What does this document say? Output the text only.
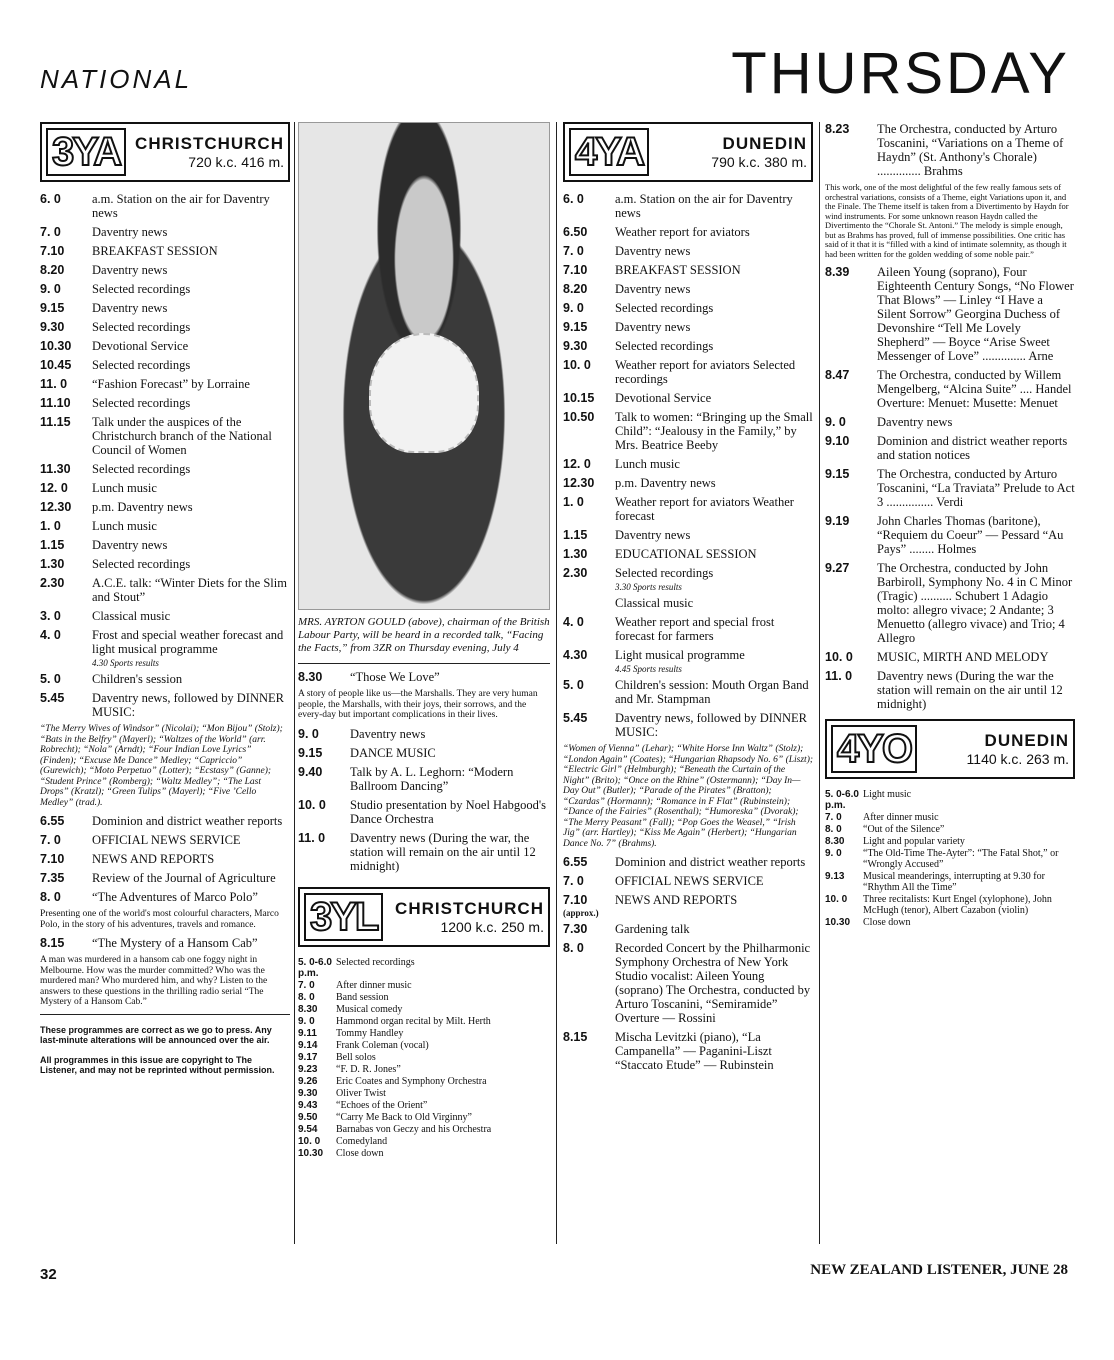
NATIONAL	THURSDAY
3YA CHRISTCHURCH
720 k.c. 416 m.
6. 0	a.m. Station on the air for Daventry news
7. 0	Daventry news
7.10	BREAKFAST SESSION
8.20	Daventry news
9. 0	Selected recordings
9.15	Daventry news
9.30	Selected recordings
10.30	Devotional Service
10.45	Selected recordings
11. 0	“Fashion Forecast” by Lorraine
11.10	Selected recordings
11.15	Talk under the auspices of the Christchurch branch of the National Council of Women
11.30	Selected recordings
12. 0	Lunch music
12.30	p.m. Daventry news
1. 0	Lunch music
1.15	Daventry news
1.30	Selected recordings
2.30	A.C.E. talk: “Winter Diets for the Slim and Stout”
3. 0	Classical music
4. 0	Frost and special weather forecast and light musical programme
4.30 Sports results
5. 0	Children's session
5.45	Daventry news, followed by DINNER MUSIC:
“The Merry Wives of Windsor” (Nicolai); “Mon Bijou” (Stolz); “Bats in the Belfry” (Mayerl); “Waltzes of the World” (arr. Robrecht); “Nola” (Arndt); “Four Indian Love Lyrics” (Finden); “Excuse Me Dance” Medley; “Capriccio” (Gurewich); “Moto Perpetuo” (Lotter); “Ecstasy” (Ganne); “Student Prince” (Romberg); “Waltz Medley”; “The Last Drops” (Kratzl); “Green Tulips” (Mayerl); “Five ’Cello Medley” (trad.).
6.55	Dominion and district weather reports
7. 0	OFFICIAL NEWS SERVICE
7.10	NEWS AND REPORTS
7.35	Review of the Journal of Agriculture
8. 0	“The Adventures of Marco Polo”
Presenting one of the world's most colourful characters, Marco Polo, in the story of his adventures, travels and romance.
8.15	“The Mystery of a Hansom Cab”
A man was murdered in a hansom cab one foggy night in Melbourne. How was the murder committed? Who was the murdered man? Who murdered him, and why? Listen to the answers to these questions in the thrilling radio serial “The Mystery of a Hansom Cab.”
These programmes are correct as we go to press. Any last-minute alterations will be announced over the air.
All programmes in this issue are copyright to The Listener, and may not be reprinted without permission.
MRS. AYRTON GOULD (above), chairman of the British Labour Party, will be heard in a recorded talk, “Facing the Facts,” from 3ZR on Thursday evening, July 4
8.30	“Those We Love”
A story of people like us—the Marshalls. They are very human people, the Marshalls, with their joys, their sorrows, and the every-day but important complications in their lives.
9. 0	Daventry news
9.15	DANCE MUSIC
9.40	Talk by A. L. Leghorn: “Modern Ballroom Dancing”
10. 0	Studio presentation by Noel Habgood's Dance Orchestra
11. 0	Daventry news (During the war, the station will remain on the air until 12 midnight)
3YL	CHRISTCHURCH
1200 k.c. 250 m.
5. 0-6.0 p.m.
Selected recordings
7. 0	After dinner music
8. 0	Band session
8.30	Musical comedy
9. 0	Hammond organ recital by Milt. Herth
9.11	Tommy Handley
9.14	Frank Coleman (vocal)
9.17	Bell solos
9.23	“F. D. R. Jones”
9.26	Eric Coates and Symphony Orchestra
9.30	Oliver Twist
9.43	“Echoes of the Orient”
9.50	“Carry Me Back to Old Virginny”
9.54	Barnabas von Geczy and his Orchestra
10. 0	Comedyland
10.30	Close down
4YA	DUNEDIN
790 k.c. 380 m.
6. 0	a.m. Station on the air for Daventry news
6.50	Weather report for aviators
7. 0	Daventry news
7.10	BREAKFAST SESSION
8.20	Daventry news
9. 0	Selected recordings
9.15	Daventry news
9.30	Selected recordings
10. 0	Weather report for aviators Selected recordings
10.15	Devotional Service
10.50	Talk to women: “Bringing up the Small Child”: “Jealousy in the Family,” by Mrs. Beatrice Beeby
12. 0	Lunch music
12.30	p.m. Daventry news
1. 0	Weather report for aviators Weather forecast
1.15	Daventry news
1.30	EDUCATIONAL SESSION
2.30	Selected recordings
3.30 Sports results
Classical music
4. 0	Weather report and special frost forecast for farmers
4.30	Light musical programme
4.45 Sports results
5. 0	Children's session: Mouth Organ Band and Mr. Stampman
5.45	Daventry news, followed by DINNER MUSIC:
“Women of Vienna” (Lehar); “White Horse Inn Waltz” (Stolz); “London Again” (Coates); “Hungarian Rhapsody No. 6” (Liszt); “Electric Girl” (Helmburgh); “Beneath the Curtain of the Night” (Brito); “Once on the Rhine” (Ostermann); “Day In—Day Out” (Butler); “Parade of the Pirates” (Bratton); “Czardas” (Hormann); “Romance in F Flat” (Rubinstein); “Dance of the Fairies” (Rosenthal); “Humoreska” (Dvorak); “The Merry Peasant” (Fall); “Pop Goes the Weasel,” “Irish Jig” (arr. Hartley); “Kiss Me Again” (Herbert); “Hungarian Dance No. 7” (Brahms).
6.55	Dominion and district weather reports
7. 0	OFFICIAL NEWS SERVICE
7.10	NEWS AND REPORTS
(approx.)
7.30	Gardening talk
8. 0	Recorded Concert by the Philharmonic Symphony Orchestra of New York Studio vocalist: Aileen Young (soprano) The Orchestra, conducted by Arturo Toscanini, “Semiramide” Overture — Rossini
8.15	Mischa Levitzki (piano), “La Campanella” — Paganini-Liszt “Staccato Etude” — Rubinstein
8.23	The Orchestra, conducted by Arturo Toscanini, “Variations on a Theme of Haydn” (St. Anthony's Chorale) .............. Brahms
This work, one of the most delightful of the few really famous sets of orchestral variations, consists of a Theme, eight Variations upon it, and the Finale. The Theme itself is taken from a Divertimento by Haydn for wind instruments. For some unknown reason Haydn called the Divertimento the “Chorale St. Antoni.” The melody is simple enough, but as Brahms has proved, full of immense possibilities. One critic has said of it that it is “filled with a kind of intimate solemnity, as though it had been written for the golden wedding of some noble pair.”
8.39	Aileen Young (soprano), Four Eighteenth Century Songs, “No Flower That Blows” — Linley “I Have a Silent Sorrow” Georgina Duchess of Devonshire “Tell Me Lovely Shepherd” — Boyce “Arise Sweet Messenger of Love” .............. Arne
8.47	The Orchestra, conducted by Willem Mengelberg, “Alcina Suite” .... Handel Overture: Menuet: Musette: Menuet
9. 0	Daventry news
9.10	Dominion and district weather reports and station notices
9.15	The Orchestra, conducted by Arturo Toscanini, “La Traviata” Prelude to Act 3 ............... Verdi
9.19	John Charles Thomas (baritone), “Requiem du Coeur” — Pessard “Au Pays” ........ Holmes
9.27	The Orchestra, conducted by John Barbiroll, Symphony No. 4 in C Minor (Tragic) .......... Schubert 1 Adagio molto: allegro vivace; 2 Andante; 3 Menuetto (allegro vivace) and Trio; 4 Allegro
10. 0	MUSIC, MIRTH AND MELODY
11. 0	Daventry news (During the war the station will remain on the air until 12 midnight)
4YO	DUNEDIN
1140 k.c. 263 m.
5. 0-6.0 p.m.
Light music
7. 0	After dinner music
8. 0	“Out of the Silence”
8.30	Light and popular variety
9. 0	“The Old-Time The-Ayter”: “The Fatal Shot,” or “Wrongly Accused”
9.13	Musical meanderings, interrupting at 9.30 for “Rhythm All the Time”
10. 0	Three recitalists: Kurt Engel (xylophone), John McHugh (tenor), Albert Cazabon (violin)
10.30	Close down
32	NEW ZEALAND LISTENER, JUNE 28
